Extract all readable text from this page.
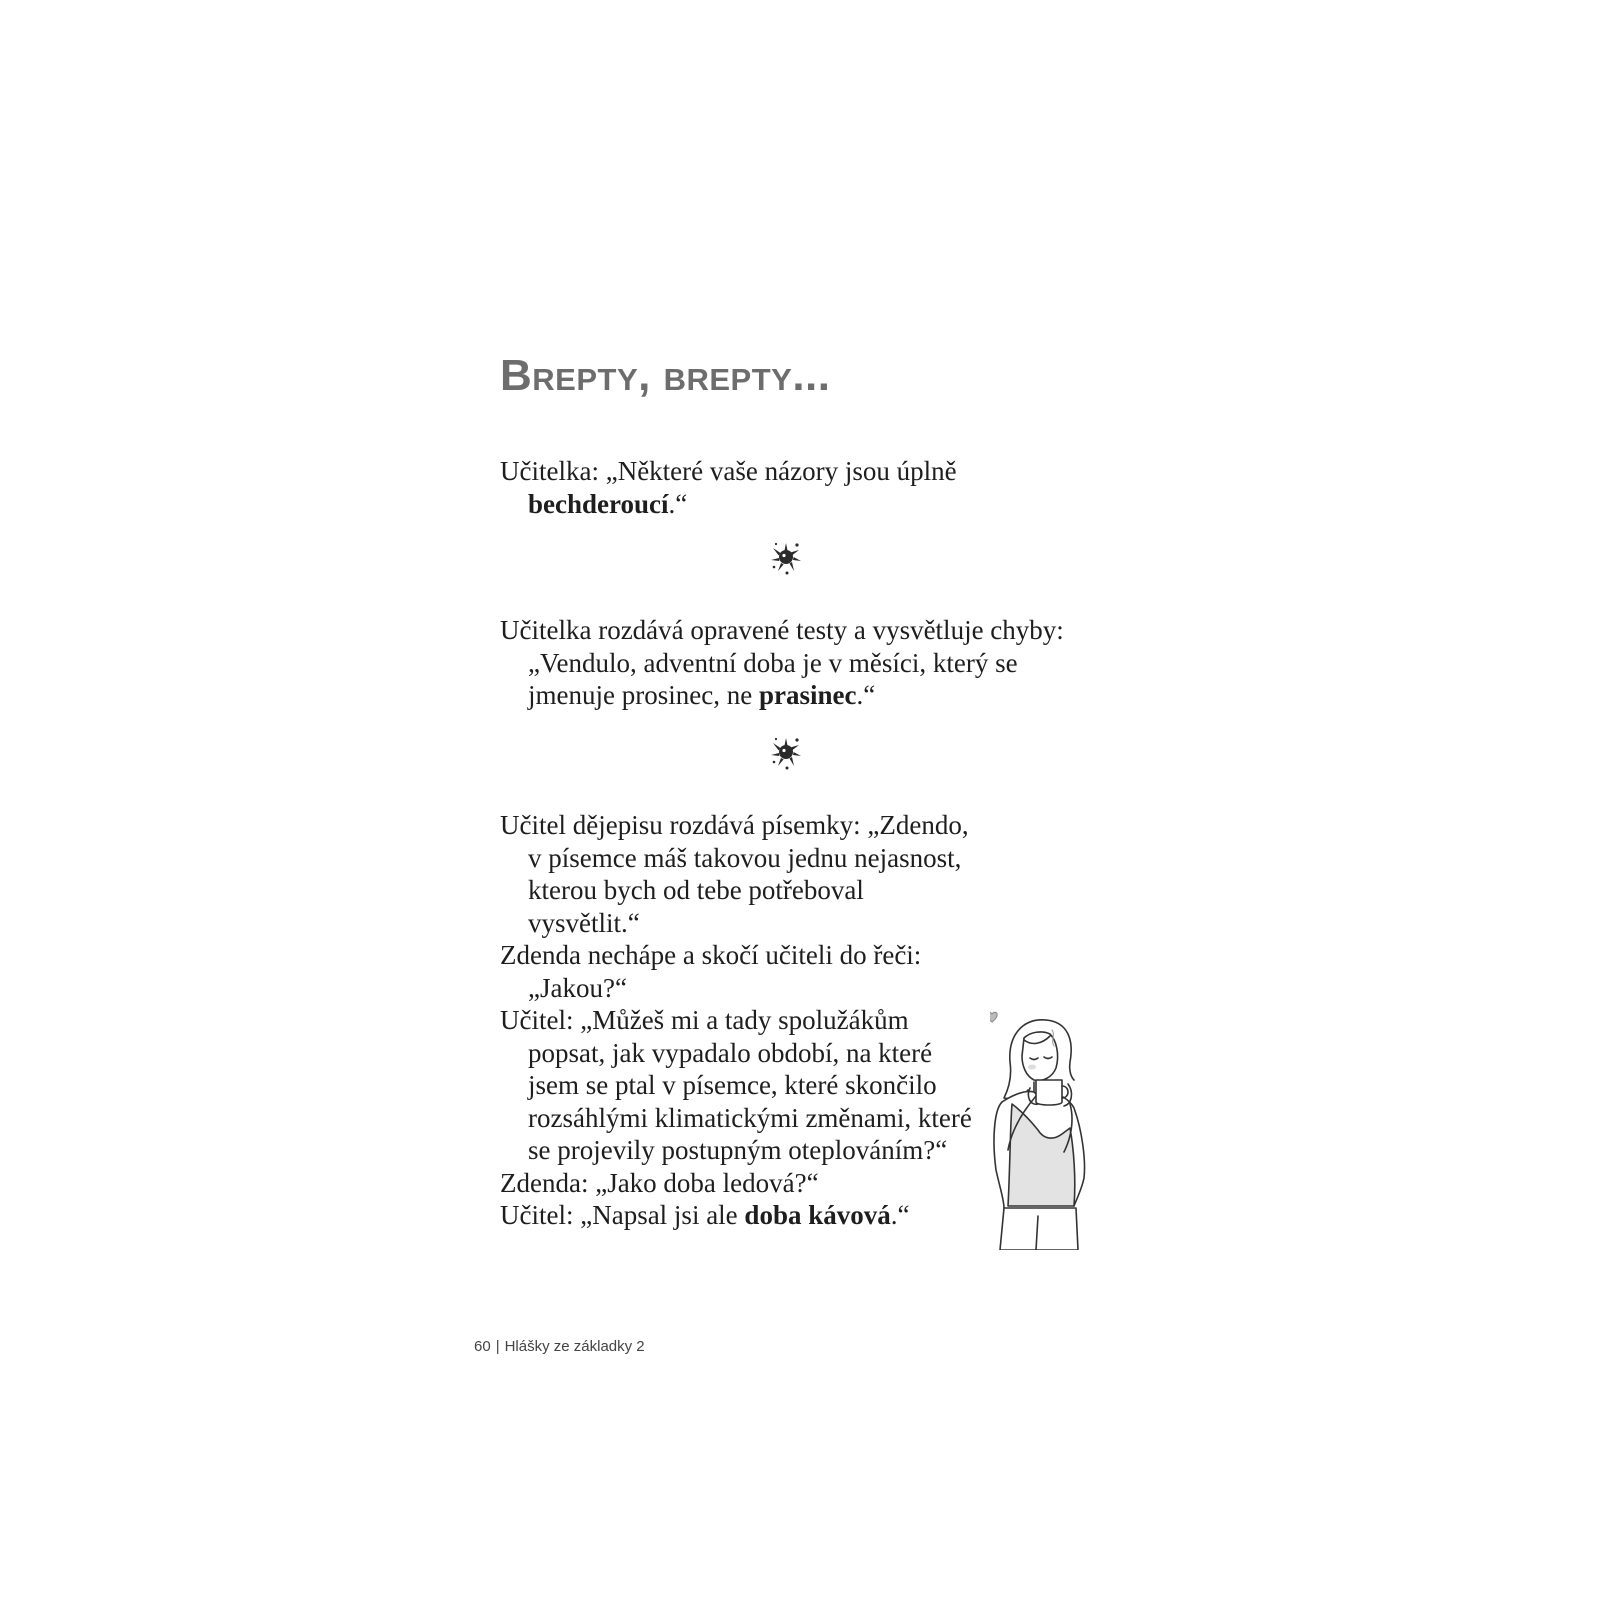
Brepty, brepty...

Učitelka: „Některé vaše názory jsou úplně
bechderoucí.“

Učitelka rozdává opravené testy a vysvětluje chyby:
„Vendulo, adventní doba je v měsíci, který se
jmenuje prosinec, ne prasinec.“

Učitel dějepisu rozdává písemky: „Zdendo,
v písemce máš takovou jednu nejasnost,
kterou bych od tebe potřeboval
vysvětlit.“

Zdenda nechápe a skočí učiteli do řeči:
„Jakou?“

Učitel: „Můžeš mi a tady spolužákům
popsat, jak vypadalo období, na které
jsem se ptal v písemce, které skončilo
rozsáhlými klimatickými změnami, které
se projevily postupným oteplováním?“

Zdenda: „Jako doba ledová?“

Učitel: „Napsal jsi ale doba kávová.“

60 | Hlášky ze základky 2
